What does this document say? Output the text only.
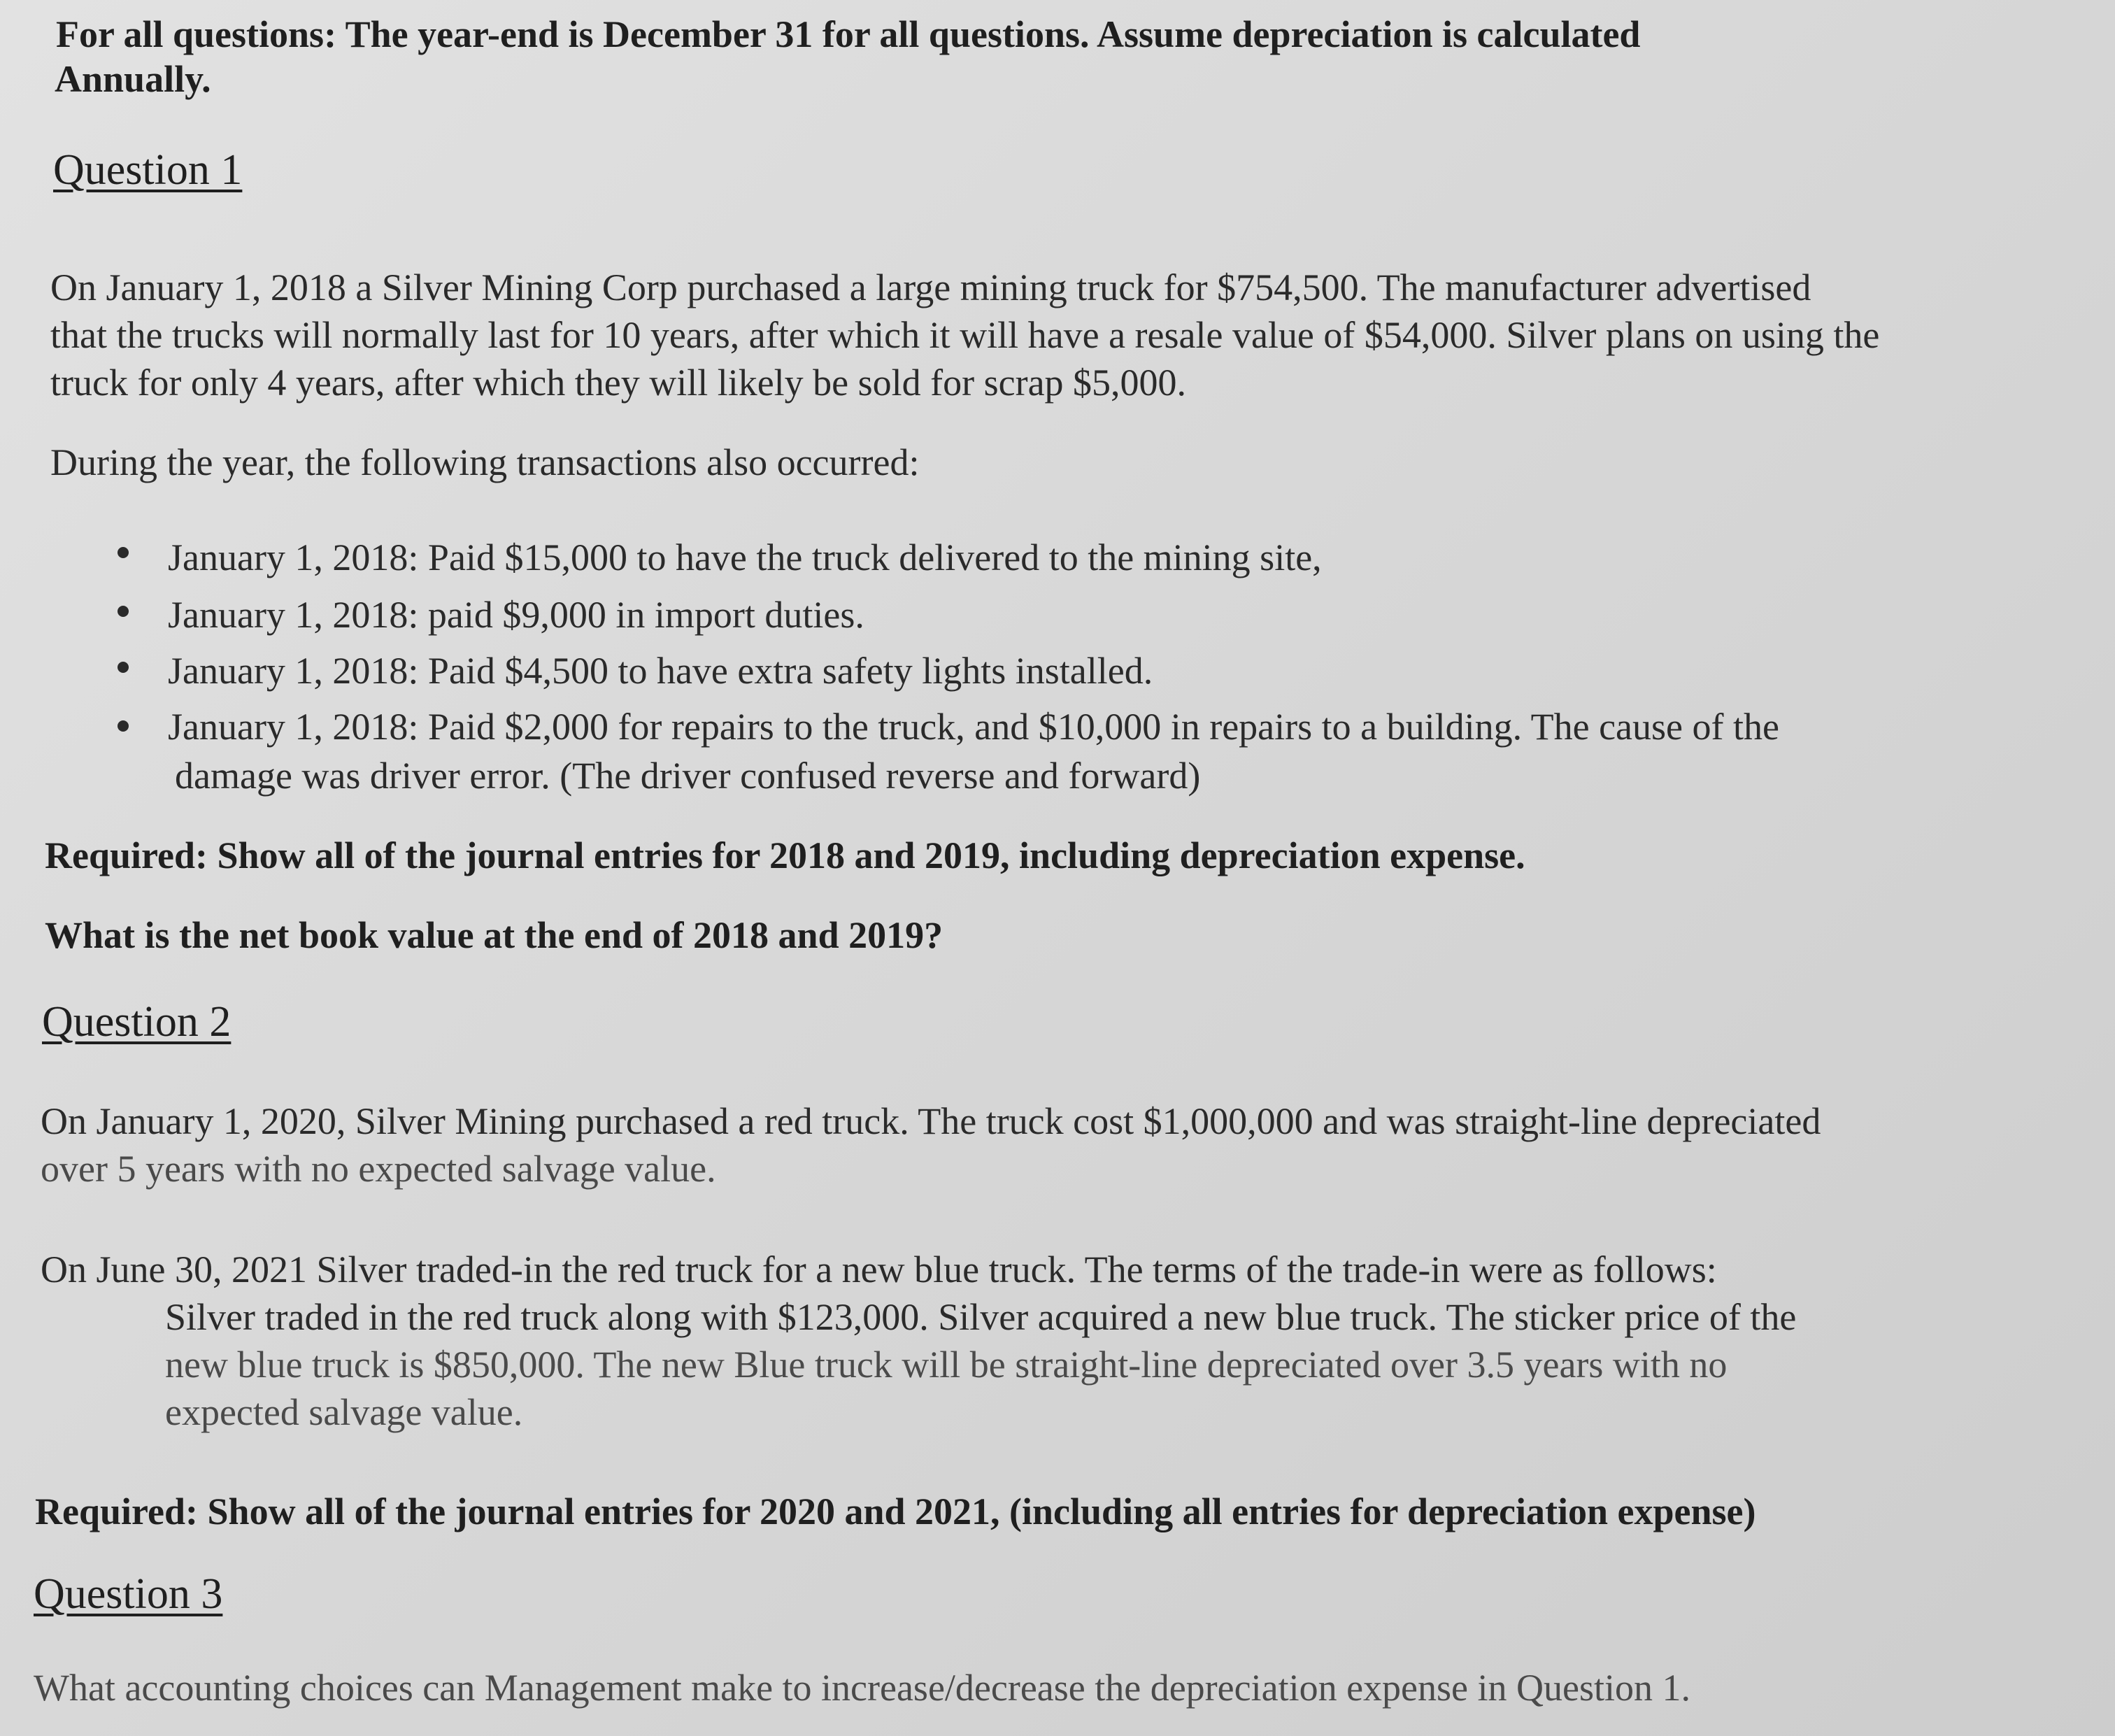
For all questions: The year-end is December 31 for all questions. Assume depreciation is calculated
Annually.
Question 1
On January 1, 2018 a Silver Mining Corp purchased a large mining truck for $754,500. The manufacturer advertised
that the trucks will normally last for 10 years, after which it will have a resale value of $54,000. Silver plans on using the
truck for only 4 years, after which they will likely be sold for scrap $5,000.
During the year, the following transactions also occurred:
January 1, 2018: Paid $15,000 to have the truck delivered to the mining site,
January 1, 2018: paid $9,000 in import duties.
January 1, 2018: Paid $4,500 to have extra safety lights installed.
January 1, 2018: Paid $2,000 for repairs to the truck, and $10,000 in repairs to a building. The cause of the
damage was driver error. (The driver confused reverse and forward)
Required: Show all of the journal entries for 2018 and 2019, including depreciation expense.
What is the net book value at the end of 2018 and 2019?
Question 2
On January 1, 2020, Silver Mining purchased a red truck. The truck cost $1,000,000 and was straight-line depreciated
over 5 years with no expected salvage value.
On June 30, 2021 Silver traded-in the red truck for a new blue truck. The terms of the trade-in were as follows:
Silver traded in the red truck along with $123,000. Silver acquired a new blue truck. The sticker price of the
new blue truck is $850,000. The new Blue truck will be straight-line depreciated over 3.5 years with no
expected salvage value.
Required: Show all of the journal entries for 2020 and 2021, (including all entries for depreciation expense)
Question 3
What accounting choices can Management make to increase/decrease the depreciation expense in Question 1.
